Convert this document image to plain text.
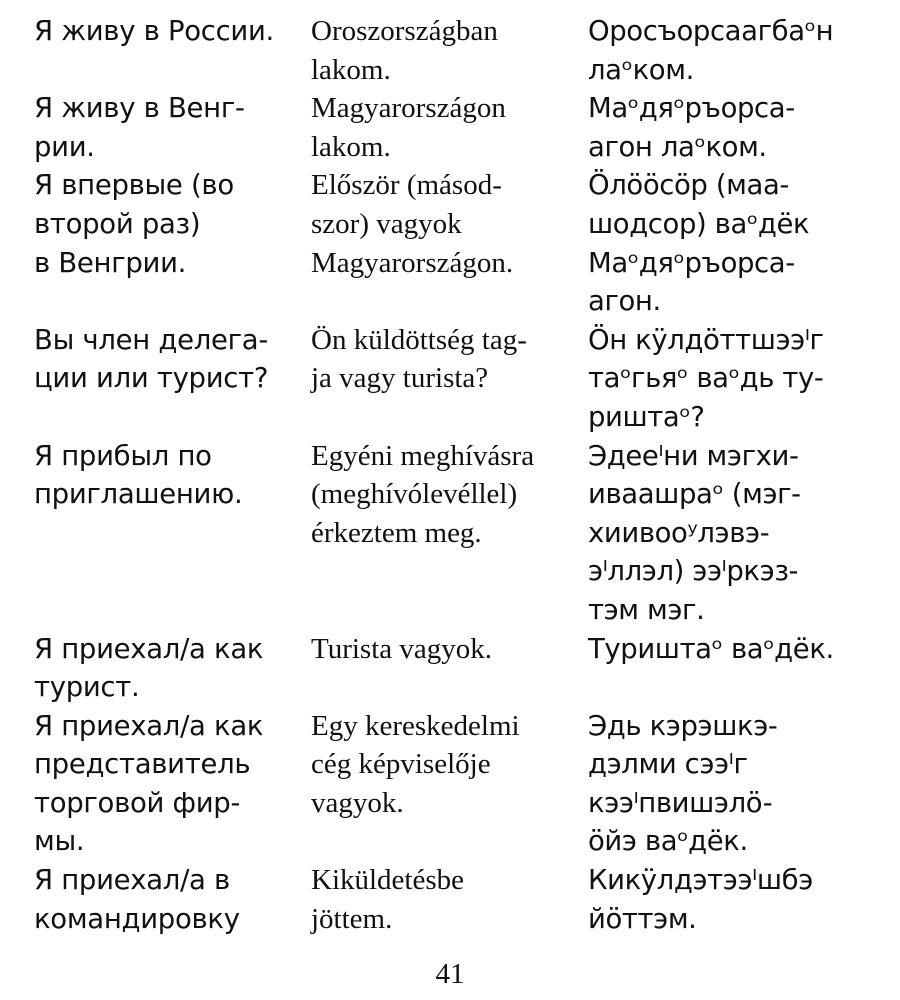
Я живу в России.	Oroszországban
lakom.
Оросъорсаагбаᵒн
лаᵒком.
Я живу в Венг-
рии.
Magyarországon
lakom.
Маᵒдяᵒръорса-
агон лаᵒком.
Я впервые (во
второй раз)
в Венгрии.
Először (másod-
szor) vagyok
Magyarországon.
Öлööсöр (маа-
шодсор) ваᵒдёк
Маᵒдяᵒръорса-
агон.
Вы член делега-
ции или турист?
Ön küldöttség tag-
ja vagy turista?
Öн кÿлдöттшээᴵг
таᵒгьяᵒ ваᵒдь ту-
риштаᵒ?
Я прибыл по
приглашению.
Egyéni meghívásra
(meghívólevéllel)
érkeztem meg.
Эдееᴵни мэгхи-
иваашраᵒ (мэг-
хиивооʸлэвэ-
эᴵллэл) ээᴵркэз-
тэм мэг.
Я приехал/а как
турист.
Turista vagyok.	Туриштаᵒ ваᵒдёк.
Я приехал/а как
представитель
торговой фир-
мы.
Egy kereskedelmi
cég képviselője
vagyok.
Эдь кэрэшкэ-
дэлми сээᴵг
кээᴵпвишэлö-
öйэ ваᵒдёк.
Я приехал/а в
командировку
Kiküldetésbe
jöttem.
Кикӱлдэтээᴵшбэ
йöттэм.
41
